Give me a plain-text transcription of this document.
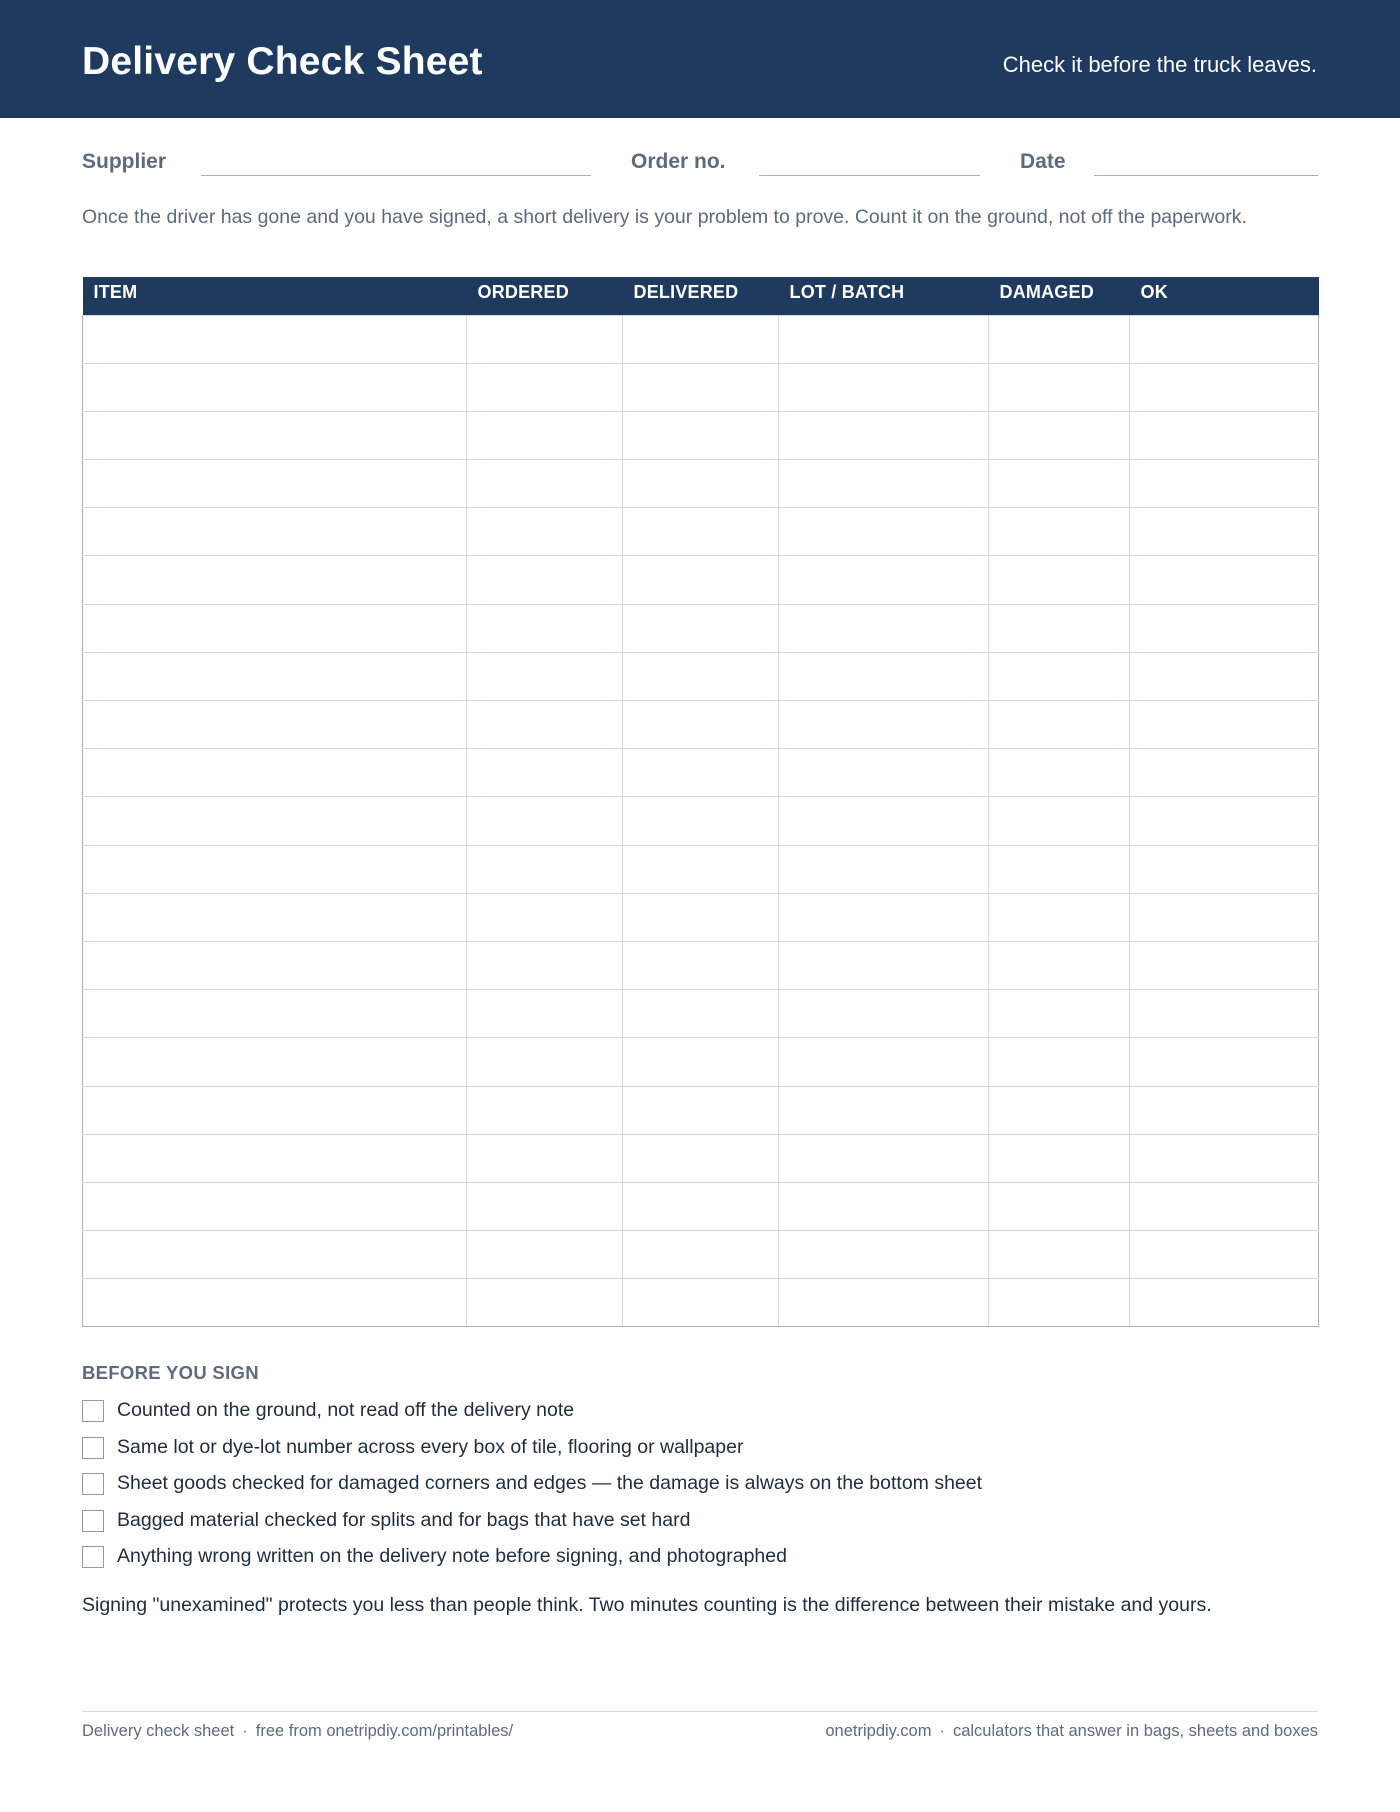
Delivery Check Sheet	Check it before the truck leaves.
Supplier	Order no.	Date

Once the driver has gone and you have signed, a short delivery is your problem to prove. Count it on the ground, not off the paperwork.

ITEM	ORDERED	DELIVERED	LOT / BATCH	DAMAGED	OK

BEFORE YOU SIGN
Counted on the ground, not read off the delivery note
Same lot or dye-lot number across every box of tile, flooring or wallpaper
Sheet goods checked for damaged corners and edges — the damage is always on the bottom sheet
Bagged material checked for splits and for bags that have set hard
Anything wrong written on the delivery note before signing, and photographed

Signing "unexamined" protects you less than people think. Two minutes counting is the difference between their mistake and yours.

Delivery check sheet · free from onetripdiy.com/printables/	onetripdiy.com · calculators that answer in bags, sheets and boxes
